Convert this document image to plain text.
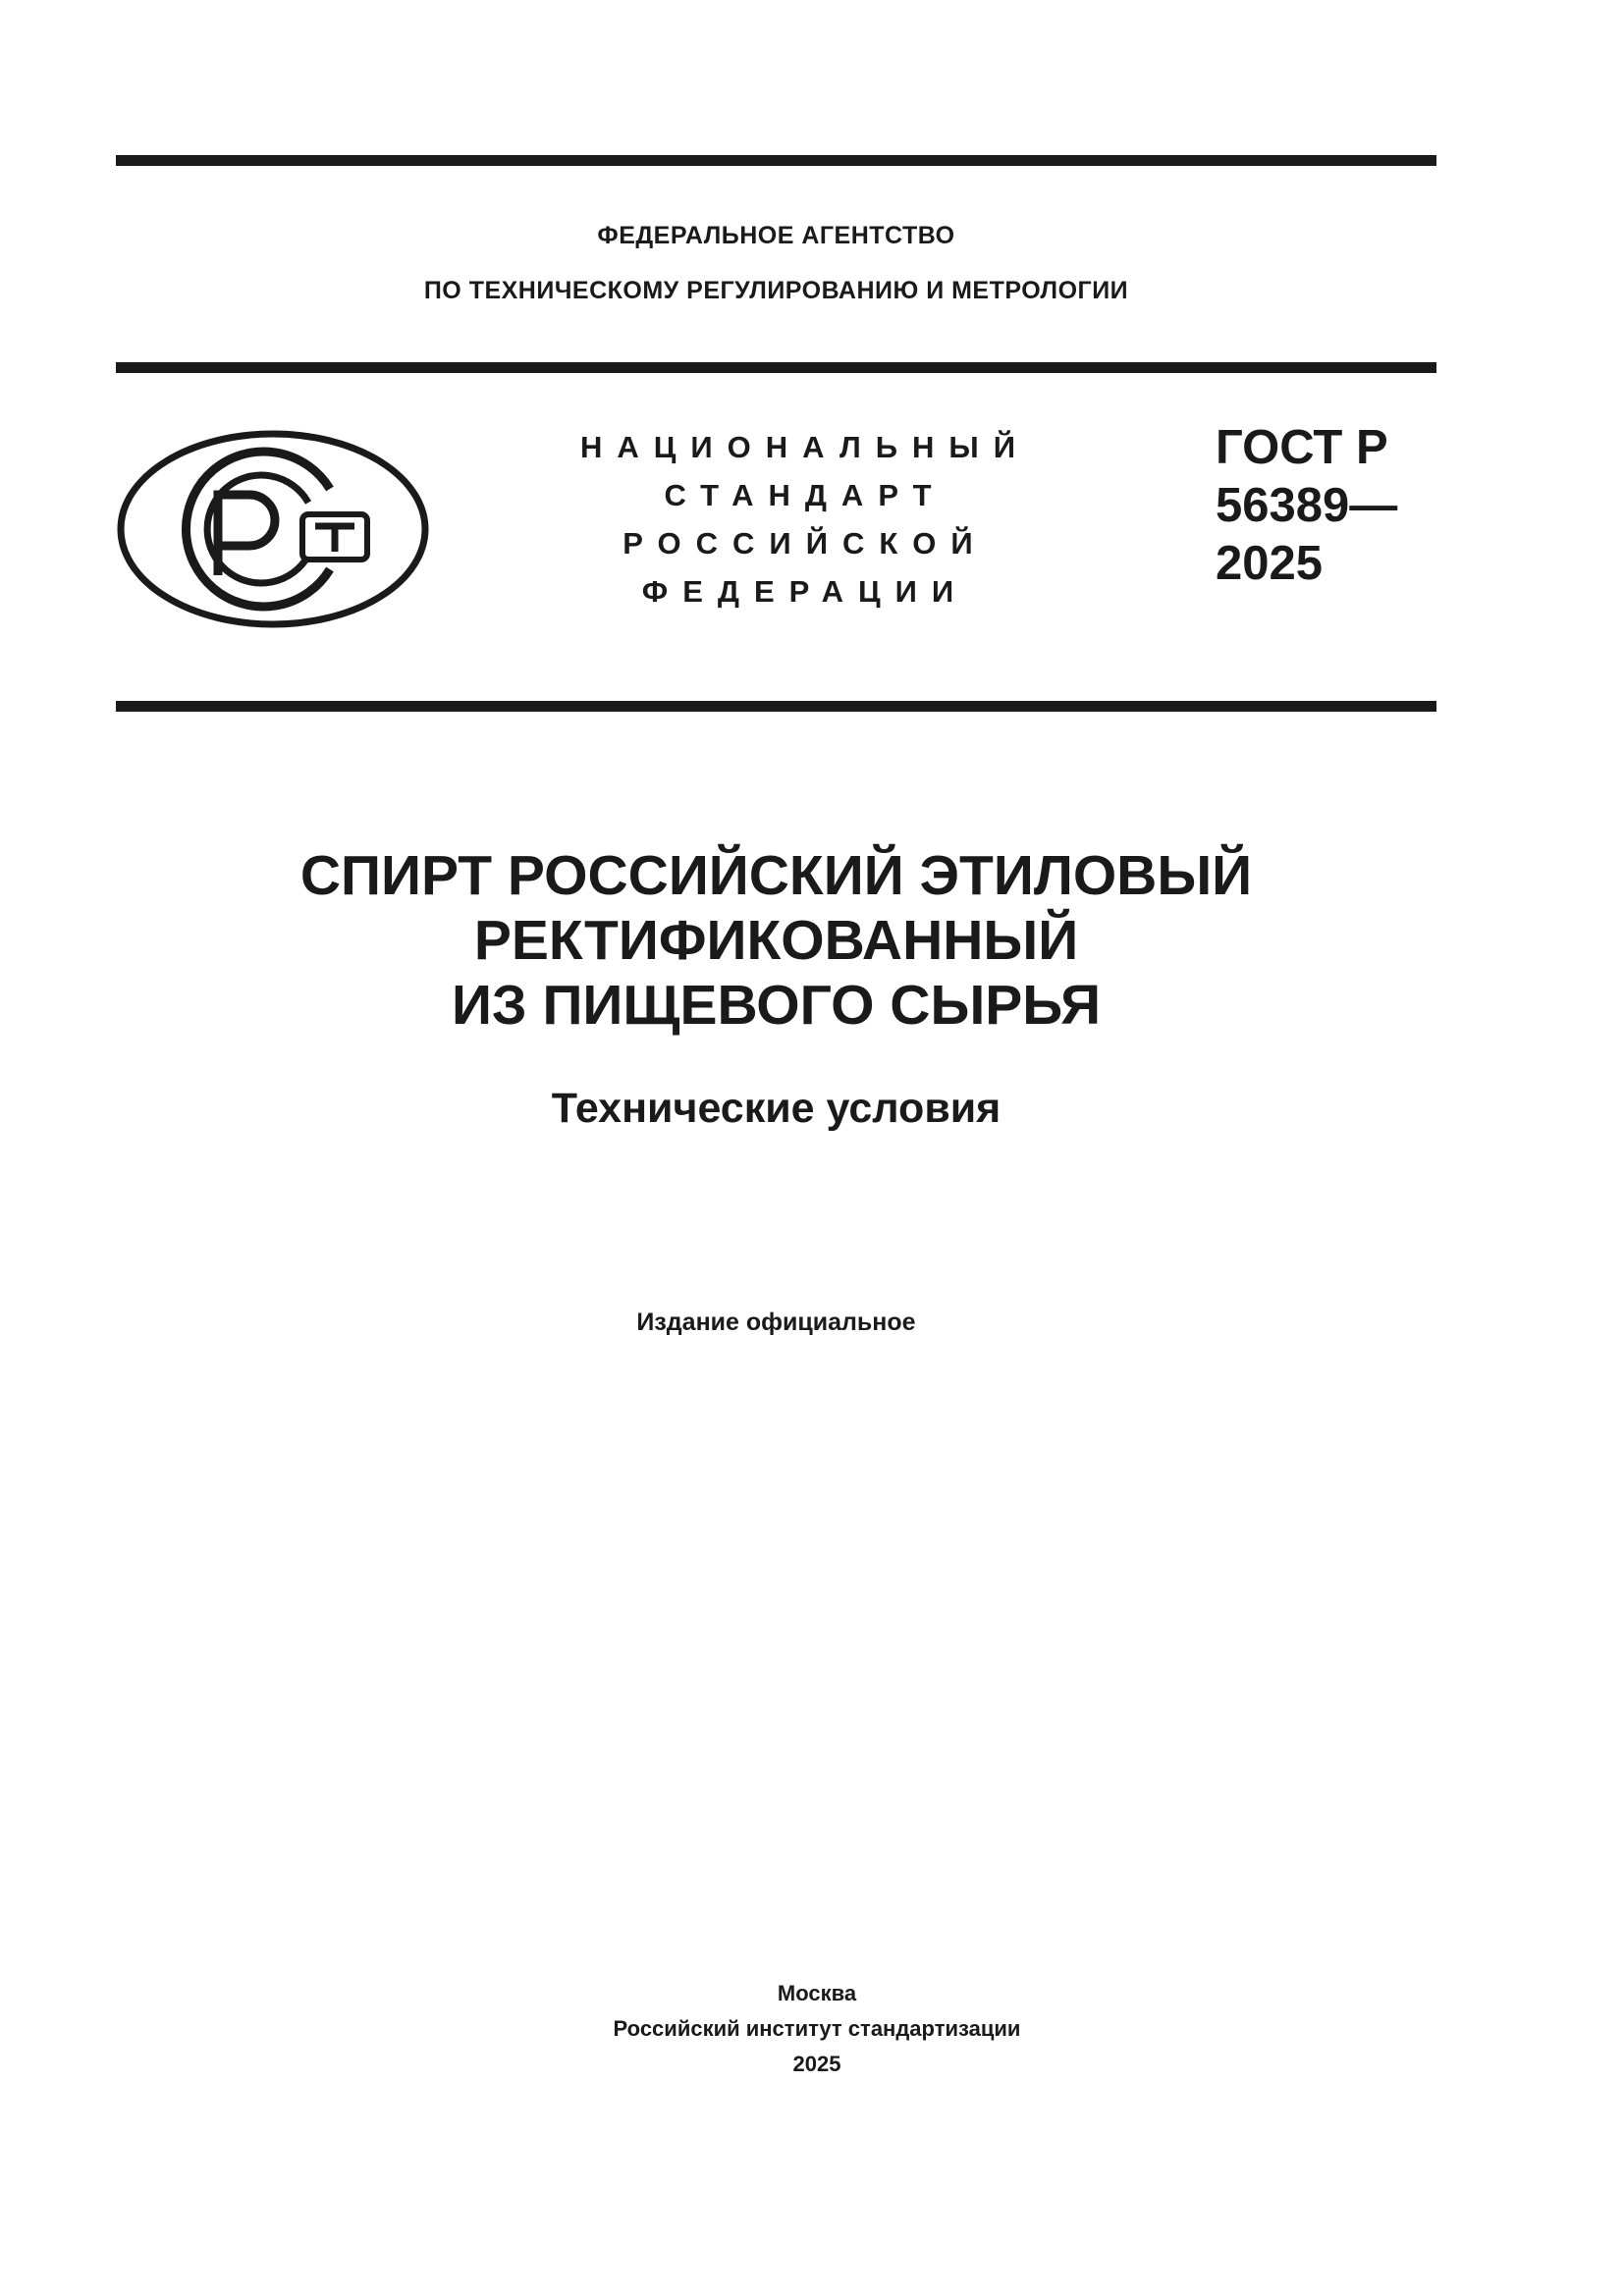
ФЕДЕРАЛЬНОЕ АГЕНТСТВО
ПО ТЕХНИЧЕСКОМУ РЕГУЛИРОВАНИЮ И МЕТРОЛОГИИ
НАЦИОНАЛЬНЫЙ
СТАНДАРТ
РОССИЙСКОЙ
ФЕДЕРАЦИИ
ГОСТ Р
56389—
2025
СПИРТ РОССИЙСКИЙ ЭТИЛОВЫЙ
РЕКТИФИКОВАННЫЙ
ИЗ ПИЩЕВОГО СЫРЬЯ
Технические условия
Издание официальное
Москва
Российский институт стандартизации
2025
